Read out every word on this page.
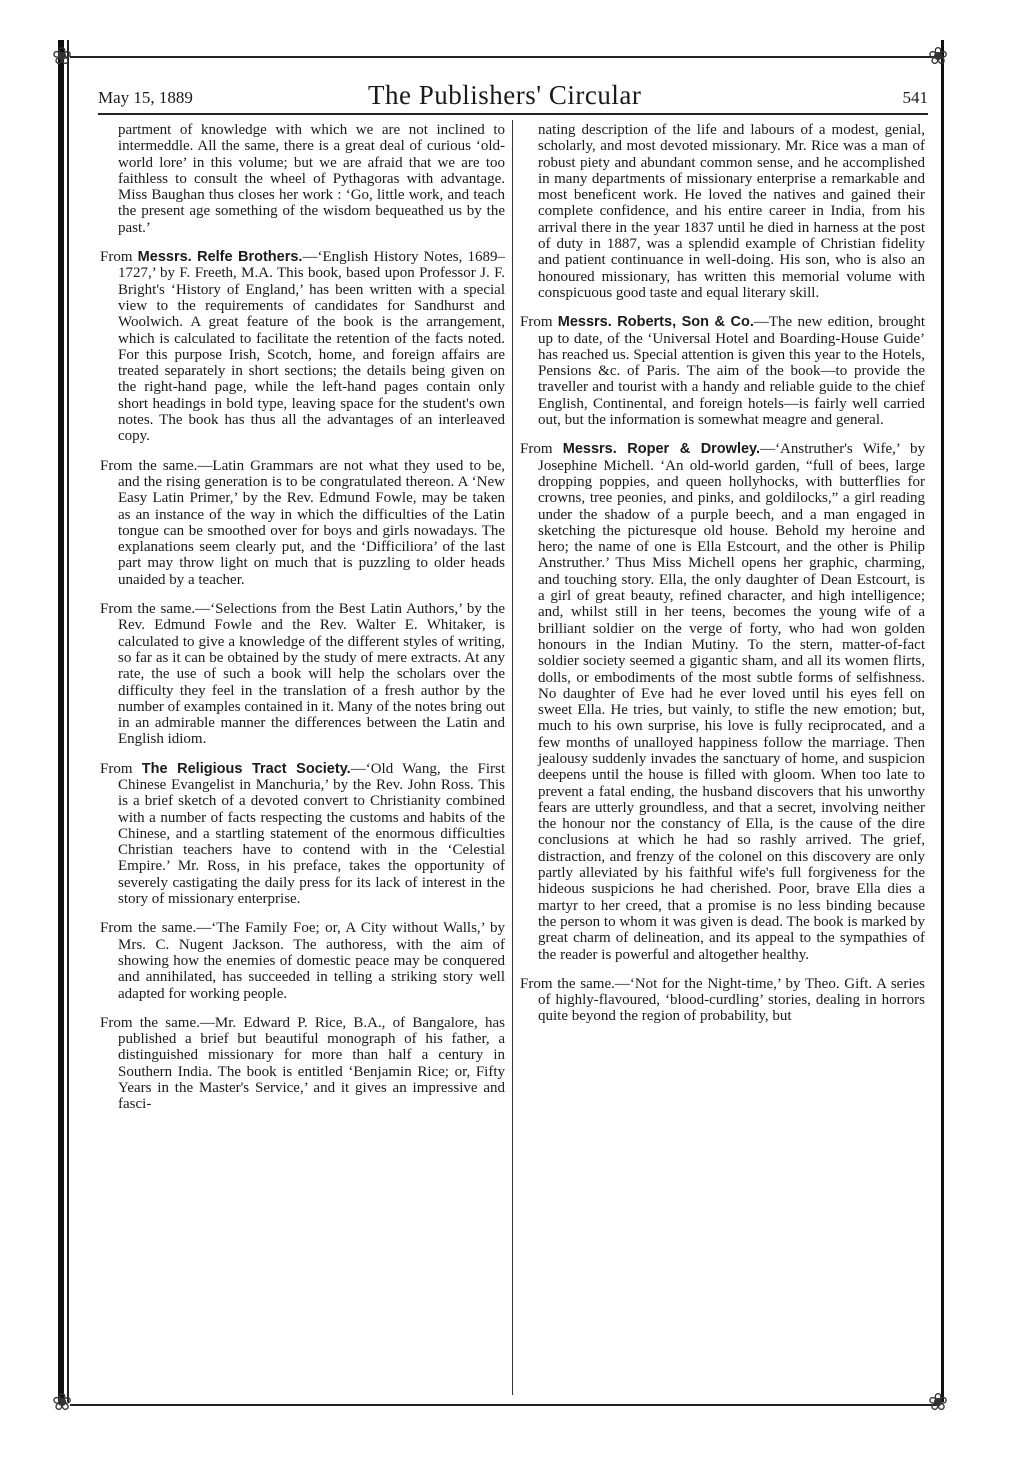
❀	❀
❀	❀
May 15, 1889	The Publishers' Circular	541

partment of knowledge with which we are not inclined to intermeddle. All the same, there is a great deal of curious ‘old-world lore’ in this volume; but we are afraid that we are too faithless to consult the wheel of Pythagoras with advantage. Miss Baughan thus closes her work : ‘Go, little work, and teach the present age something of the wisdom bequeathed us by the past.’

From Messrs. Relfe Brothers.—‘English History Notes, 1689–1727,’ by F. Freeth, M.A. This book, based upon Professor J. F. Bright's ‘History of England,’ has been written with a special view to the requirements of candidates for Sandhurst and Woolwich. A great feature of the book is the arrangement, which is calculated to facilitate the retention of the facts noted. For this purpose Irish, Scotch, home, and foreign affairs are treated separately in short sections; the details being given on the right-hand page, while the left-hand pages contain only short headings in bold type, leaving space for the student's own notes. The book has thus all the advantages of an interleaved copy.

From the same.—Latin Grammars are not what they used to be, and the rising generation is to be congratulated thereon. A ‘New Easy Latin Primer,’ by the Rev. Edmund Fowle, may be taken as an instance of the way in which the difficulties of the Latin tongue can be smoothed over for boys and girls nowadays. The explanations seem clearly put, and the ‘Difficiliora’ of the last part may throw light on much that is puzzling to older heads unaided by a teacher.

From the same.—‘Selections from the Best Latin Authors,’ by the Rev. Edmund Fowle and the Rev. Walter E. Whitaker, is calculated to give a knowledge of the different styles of writing, so far as it can be obtained by the study of mere extracts. At any rate, the use of such a book will help the scholars over the difficulty they feel in the translation of a fresh author by the number of examples contained in it. Many of the notes bring out in an admirable manner the differences between the Latin and English idiom.

From The Religious Tract Society.—‘Old Wang, the First Chinese Evangelist in Manchuria,’ by the Rev. John Ross. This is a brief sketch of a devoted convert to Christianity combined with a number of facts respecting the customs and habits of the Chinese, and a startling statement of the enormous difficulties Christian teachers have to contend with in the ‘Celestial Empire.’ Mr. Ross, in his preface, takes the opportunity of severely castigating the daily press for its lack of interest in the story of missionary enterprise.

From the same.—‘The Family Foe; or, A City without Walls,’ by Mrs. C. Nugent Jackson. The authoress, with the aim of showing how the enemies of domestic peace may be conquered and annihilated, has succeeded in telling a striking story well adapted for working people.

From the same.—Mr. Edward P. Rice, B.A., of Bangalore, has published a brief but beautiful monograph of his father, a distinguished missionary for more than half a century in Southern India. The book is entitled ‘Benjamin Rice; or, Fifty Years in the Master's Service,’ and it gives an impressive and fasci-

nating description of the life and labours of a modest, genial, scholarly, and most devoted missionary. Mr. Rice was a man of robust piety and abundant common sense, and he accomplished in many departments of missionary enterprise a remarkable and most beneficent work. He loved the natives and gained their complete confidence, and his entire career in India, from his arrival there in the year 1837 until he died in harness at the post of duty in 1887, was a splendid example of Christian fidelity and patient continuance in well-doing. His son, who is also an honoured missionary, has written this memorial volume with conspicuous good taste and equal literary skill.

From Messrs. Roberts, Son & Co.—The new edition, brought up to date, of the ‘Universal Hotel and Boarding-House Guide’ has reached us. Special attention is given this year to the Hotels, Pensions &c. of Paris. The aim of the book—to provide the traveller and tourist with a handy and reliable guide to the chief English, Continental, and foreign hotels—is fairly well carried out, but the information is somewhat meagre and general.

From Messrs. Roper & Drowley.—‘Anstruther's Wife,’ by Josephine Michell. ‘An old-world garden, “full of bees, large dropping poppies, and queen hollyhocks, with butterflies for crowns, tree peonies, and pinks, and goldilocks,” a girl reading under the shadow of a purple beech, and a man engaged in sketching the picturesque old house. Behold my heroine and hero; the name of one is Ella Estcourt, and the other is Philip Anstruther.’ Thus Miss Michell opens her graphic, charming, and touching story. Ella, the only daughter of Dean Estcourt, is a girl of great beauty, refined character, and high intelligence; and, whilst still in her teens, becomes the young wife of a brilliant soldier on the verge of forty, who had won golden honours in the Indian Mutiny. To the stern, matter-of-fact soldier society seemed a gigantic sham, and all its women flirts, dolls, or embodiments of the most subtle forms of selfishness. No daughter of Eve had he ever loved until his eyes fell on sweet Ella. He tries, but vainly, to stifle the new emotion; but, much to his own surprise, his love is fully reciprocated, and a few months of unalloyed happiness follow the marriage. Then jealousy suddenly invades the sanctuary of home, and suspicion deepens until the house is filled with gloom. When too late to prevent a fatal ending, the husband discovers that his unworthy fears are utterly groundless, and that a secret, involving neither the honour nor the constancy of Ella, is the cause of the dire conclusions at which he had so rashly arrived. The grief, distraction, and frenzy of the colonel on this discovery are only partly alleviated by his faithful wife's full forgiveness for the hideous suspicions he had cherished. Poor, brave Ella dies a martyr to her creed, that a promise is no less binding because the person to whom it was given is dead. The book is marked by great charm of delineation, and its appeal to the sympathies of the reader is powerful and altogether healthy.

From the same.—‘Not for the Night-time,’ by Theo. Gift. A series of highly-flavoured, ‘blood-curdling’ stories, dealing in horrors quite beyond the region of probability, but
